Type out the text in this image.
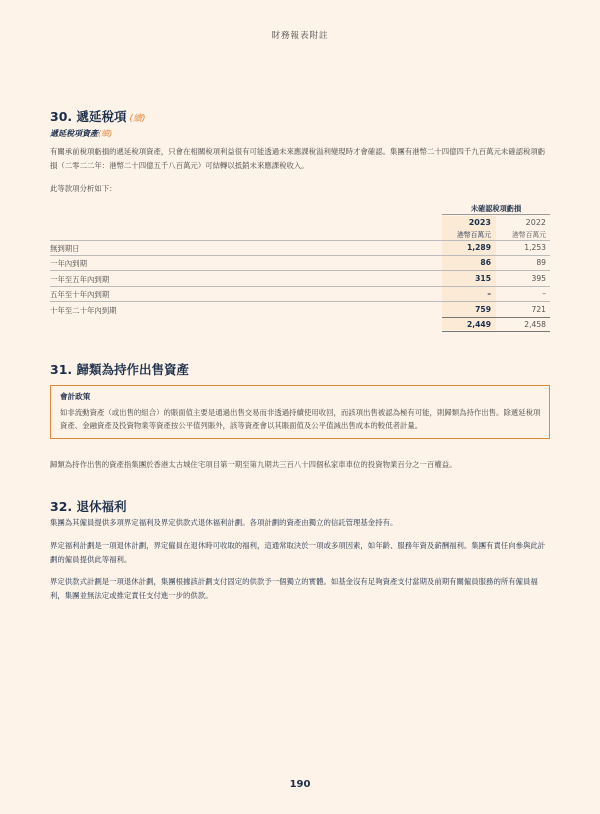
財務報表附註
30. 遞延稅項 (續)
遞延稅項資產(續)
有關承前稅項虧損的遞延稅項資產，只會在相關稅項利益很有可能透過未來應課稅溢利變現時才會確認。集團有港幣二十四億四千九百萬元未確認稅項虧損（二零二二年：港幣二十四億五千八百萬元）可結轉以抵銷未來應課稅收入。
此等款項分析如下：
未確認稅項虧損
2023	2022
港幣百萬元	港幣百萬元
無到期日	1,289	1,253
一年內到期	86	89
一年至五年內到期	315	395
五年至十年內到期	–	–
十年至二十年內到期	759	721
2,449	2,458
31. 歸類為持作出售資產
會計政策
如非流動資產（或出售的組合）的賬面值主要是通過出售交易而非透過持續使用收回，而該項出售被認為極有可能，則歸類為持作出售。除遞延稅項資產、金融資產及投資物業等資產按公平值列賬外，該等資產會以其賬面值及公平值減出售成本的較低者計量。
歸類為持作出售的資產指集團於香港太古城住宅項目第一期至第九期共三百八十四個私家車車位的投資物業百分之一百權益。
32. 退休福利
集團為其僱員提供多項界定福利及界定供款式退休福利計劃。各項計劃的資產由獨立的信託管理基金持有。
界定福利計劃是一項退休計劃，界定僱員在退休時可收取的福利，這通常取決於一項或多項因素，如年齡、服務年資及薪酬福利。集團有責任向參與此計劃的僱員提供此等福利。
界定供款式計劃是一項退休計劃，集團根據該計劃支付固定的供款予一個獨立的實體。如基金沒有足夠資產支付當期及前期有關僱員服務的所有僱員福利，集團並無法定或推定責任支付進一步的供款。
190
